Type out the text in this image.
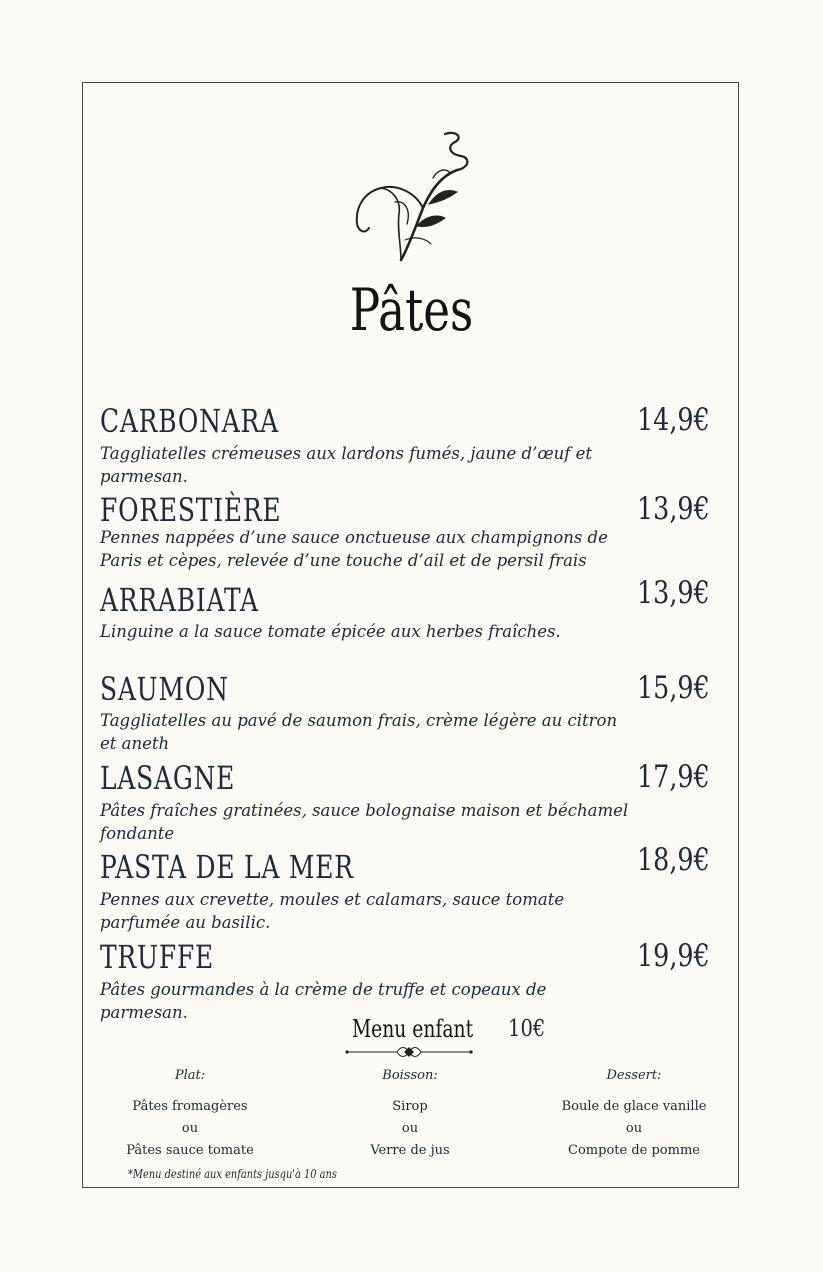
Pâtes
CARBONARA	14,9€
Taggliatelles crémeuses aux lardons fumés, jaune d’œuf et parmesan.
FORESTIÈRE	13,9€
Pennes nappées d’une sauce onctueuse aux champignons de Paris et cèpes, relevée d’une touche d’ail et de persil frais
ARRABIATA	13,9€
Linguine a la sauce tomate épicée aux herbes fraîches.
SAUMON	15,9€
Taggliatelles au pavé de saumon frais, crème légère au citron et aneth
LASAGNE	17,9€
Pâtes fraîches gratinées, sauce bolognaise maison et béchamel fondante
PASTA DE LA MER	18,9€
Pennes aux crevette, moules et calamars, sauce tomate parfumée au basilic.
TRUFFE	19,9€
Pâtes gourmandes à la crème de truffe et copeaux de parmesan.
Menu enfant 10€
Plat:
Pâtes fromagères
ou
Pâtes sauce tomate
Boisson:
Sirop
ou
Verre de jus
Dessert:
Boule de glace vanille
ou
Compote de pomme
*Menu destiné aux enfants jusqu'à 10 ans
